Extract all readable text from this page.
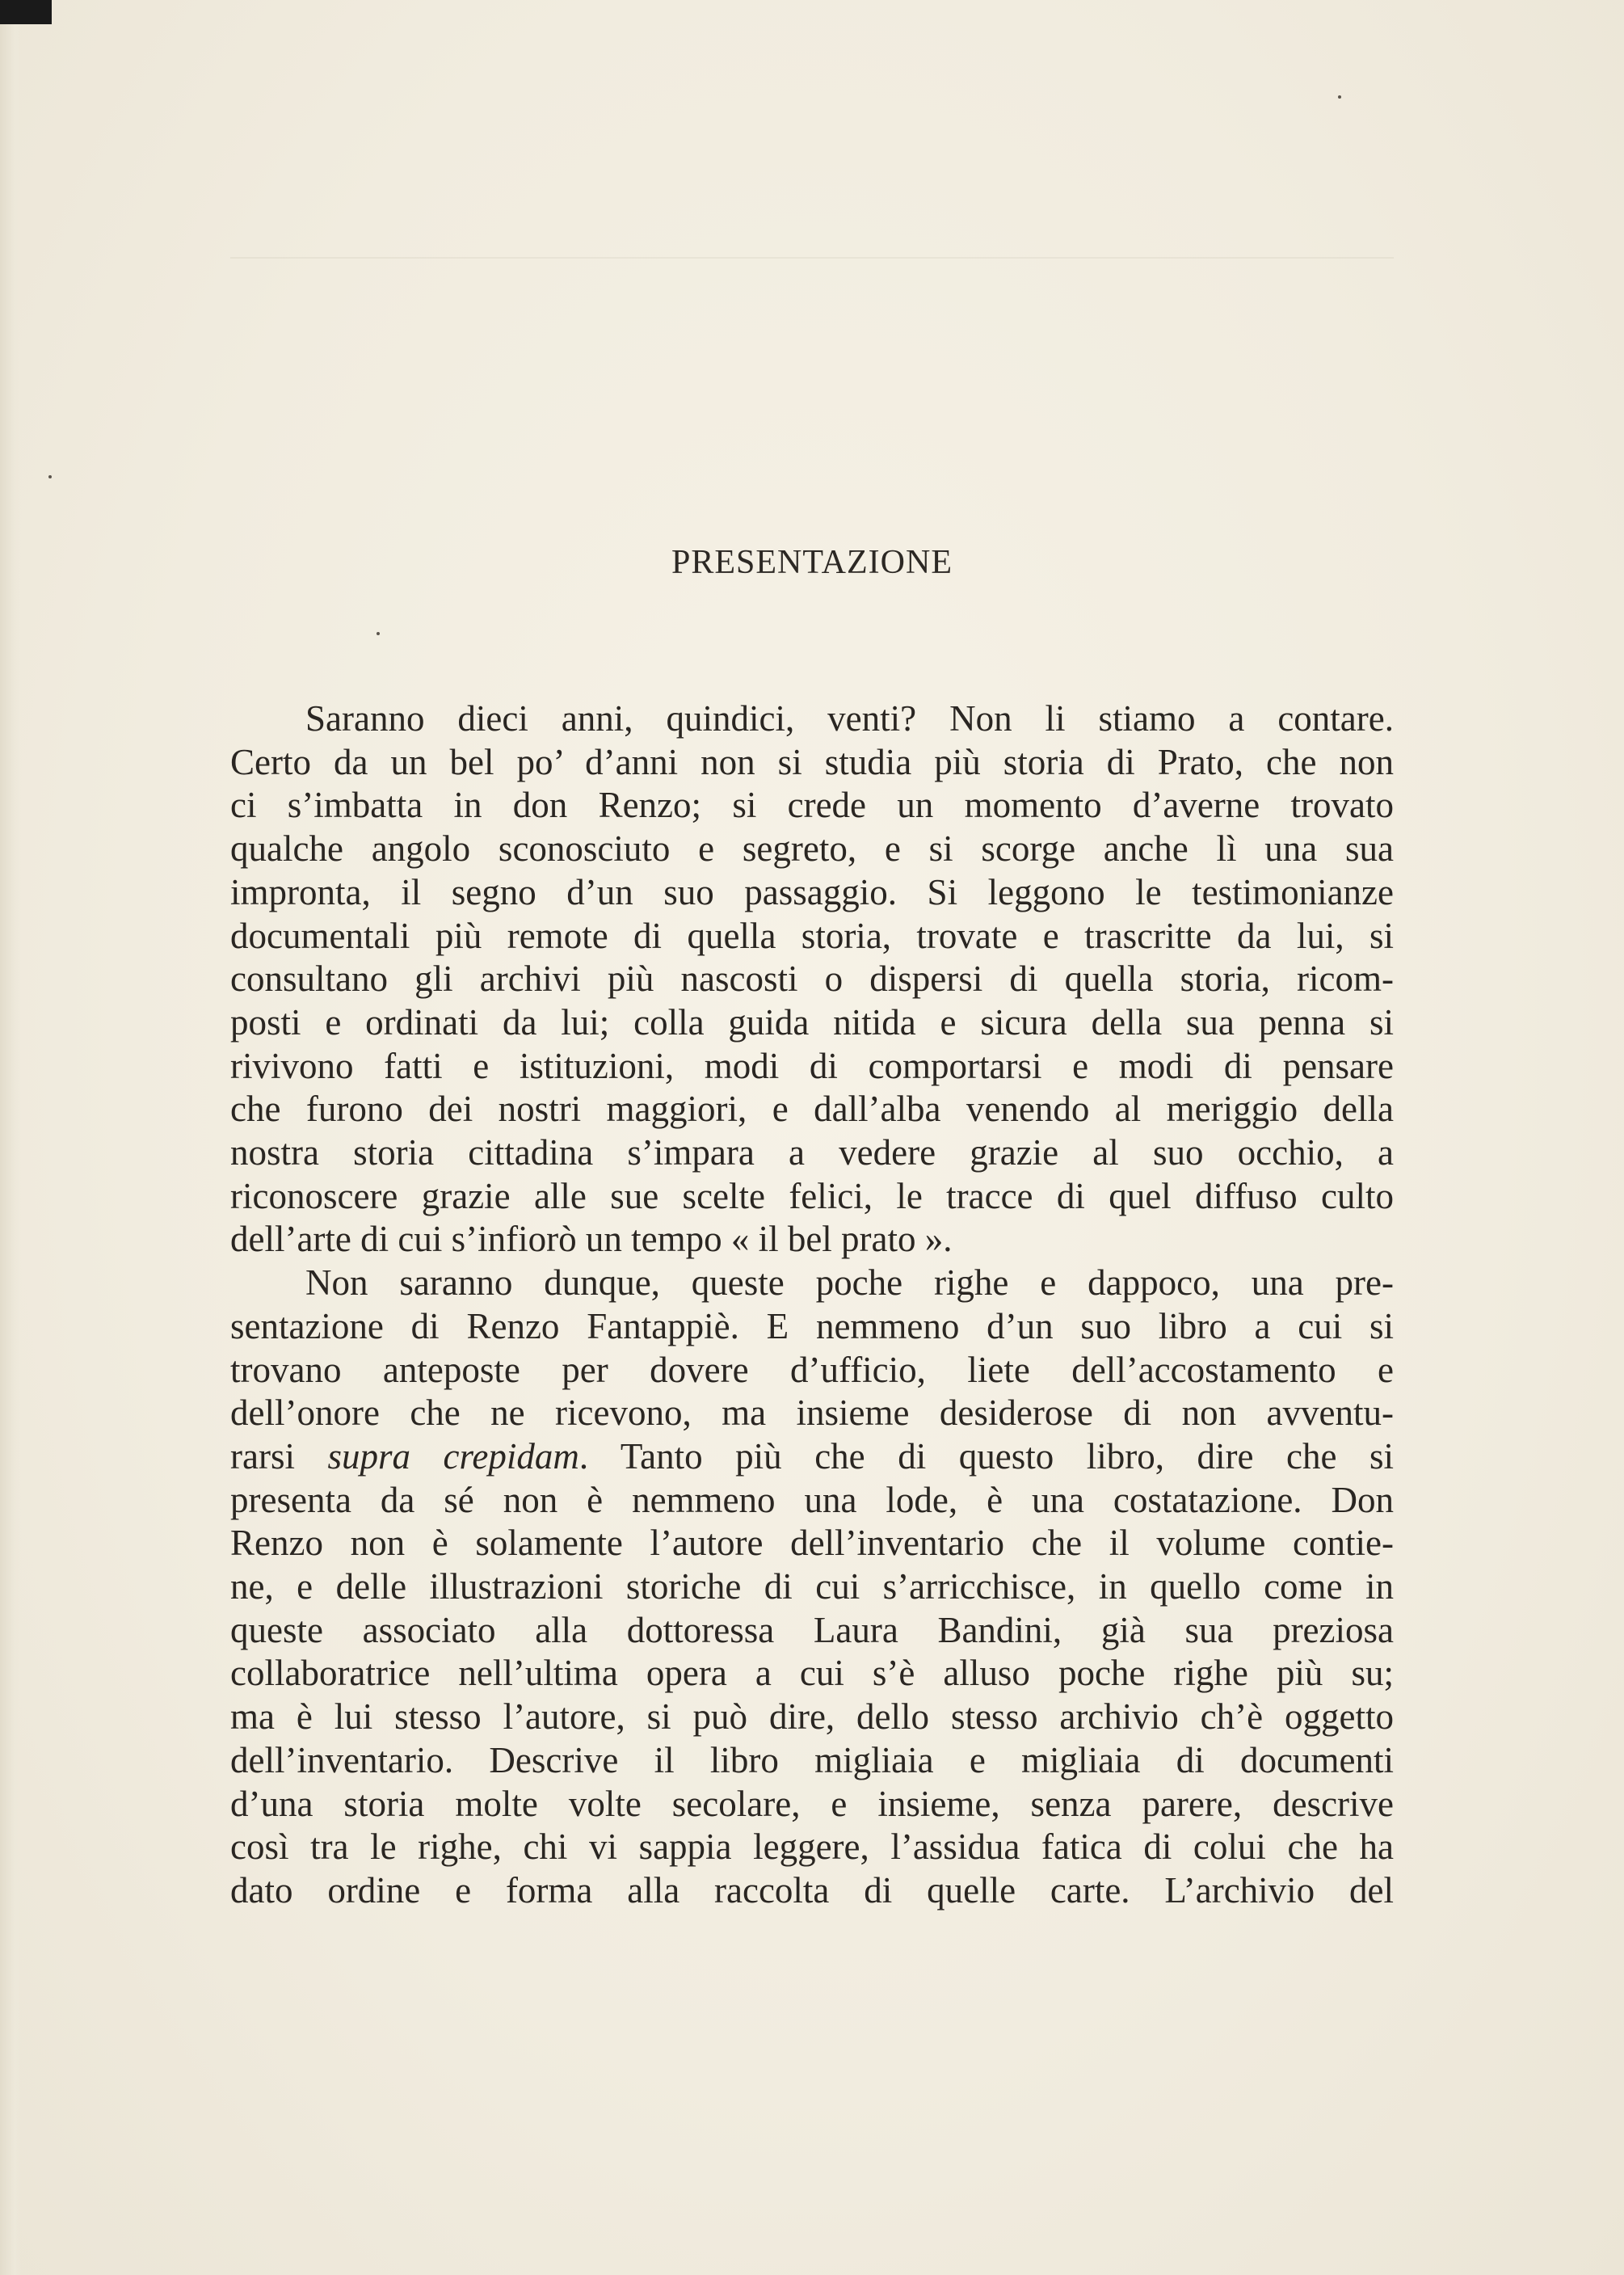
PRESENTAZIONE

Saranno dieci anni, quindici, venti? Non li stiamo a contare.
Certo da un bel po’ d’anni non si studia più storia di Prato, che non
ci s’imbatta in don Renzo; si crede un momento d’averne trovato
qualche angolo sconosciuto e segreto, e si scorge anche lì una sua
impronta, il segno d’un suo passaggio. Si leggono le testimonianze
documentali più remote di quella storia, trovate e trascritte da lui, si
consultano gli archivi più nascosti o dispersi di quella storia, ricom-
posti e ordinati da lui; colla guida nitida e sicura della sua penna si
rivivono fatti e istituzioni, modi di comportarsi e modi di pensare
che furono dei nostri maggiori, e dall’alba venendo al meriggio della
nostra storia cittadina s’impara a vedere grazie al suo occhio, a
riconoscere grazie alle sue scelte felici, le tracce di quel diffuso culto
dell’arte di cui s’infiorò un tempo « il bel prato ».

Non saranno dunque, queste poche righe e dappoco, una pre-
sentazione di Renzo Fantappiè. E nemmeno d’un suo libro a cui si
trovano anteposte per dovere d’ufficio, liete dell’accostamento e
dell’onore che ne ricevono, ma insieme desiderose di non avventu-
rarsi supra crepidam. Tanto più che di questo libro, dire che si
presenta da sé non è nemmeno una lode, è una costatazione. Don
Renzo non è solamente l’autore dell’inventario che il volume contie-
ne, e delle illustrazioni storiche di cui s’arricchisce, in quello come in
queste associato alla dottoressa Laura Bandini, già sua preziosa
collaboratrice nell’ultima opera a cui s’è alluso poche righe più su;
ma è lui stesso l’autore, si può dire, dello stesso archivio ch’è oggetto
dell’inventario. Descrive il libro migliaia e migliaia di documenti
d’una storia molte volte secolare, e insieme, senza parere, descrive
così tra le righe, chi vi sappia leggere, l’assidua fatica di colui che ha
dato ordine e forma alla raccolta di quelle carte. L’archivio del
